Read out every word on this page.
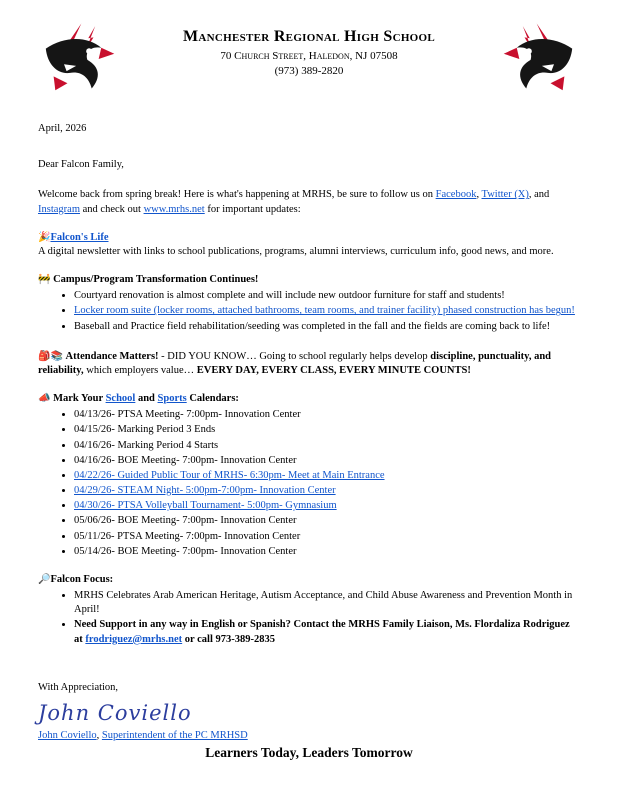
Manchester Regional High School
70 Church Street, Haledon, NJ 07508
(973) 389-2820

April, 2026

Dear Falcon Family,

Welcome back from spring break! Here is what's happening at MRHS, be sure to follow us on Facebook, Twitter (X), and Instagram and check out www.mrhs.net for important updates:

🎉Falcon's Life

A digital newsletter with links to school publications, programs, alumni interviews, curriculum info, good news, and more.

🚧 Campus/Program Transformation Continues!

• Courtyard renovation is almost complete and will include new outdoor furniture for staff and students!
• Locker room suite (locker rooms, attached bathrooms, team rooms, and trainer facility) phased construction has begun!
• Baseball and Practice field rehabilitation/seeding was completed in the fall and the fields are coming back to life!

🎒📚 Attendance Matters! - DID YOU KNOW… Going to school regularly helps develop discipline, punctuality, and reliability, which employers value… EVERY DAY, EVERY CLASS, EVERY MINUTE COUNTS!

📣 Mark Your School and Sports Calendars:

• 04/13/26- PTSA Meeting- 7:00pm- Innovation Center
• 04/15/26- Marking Period 3 Ends
• 04/16/26- Marking Period 4 Starts
• 04/16/26- BOE Meeting- 7:00pm- Innovation Center
• 04/22/26- Guided Public Tour of MRHS- 6:30pm- Meet at Main Entrance
• 04/29/26- STEAM Night- 5:00pm-7:00pm- Innovation Center
• 04/30/26- PTSA Volleyball Tournament- 5:00pm- Gymnasium
• 05/06/26- BOE Meeting- 7:00pm- Innovation Center
• 05/11/26- PTSA Meeting- 7:00pm- Innovation Center
• 05/14/26- BOE Meeting- 7:00pm- Innovation Center

🔎Falcon Focus:

• MRHS Celebrates Arab American Heritage, Autism Acceptance, and Child Abuse Awareness and Prevention Month in April!
• Need Support in any way in English or Spanish? Contact the MRHS Family Liaison, Ms. Flordaliza Rodriguez at frodriguez@mrhs.net or call 973-389-2835

With Appreciation,

John Coviello

John Coviello, Superintendent of the PC MRHSD

Learners Today, Leaders Tomorrow
